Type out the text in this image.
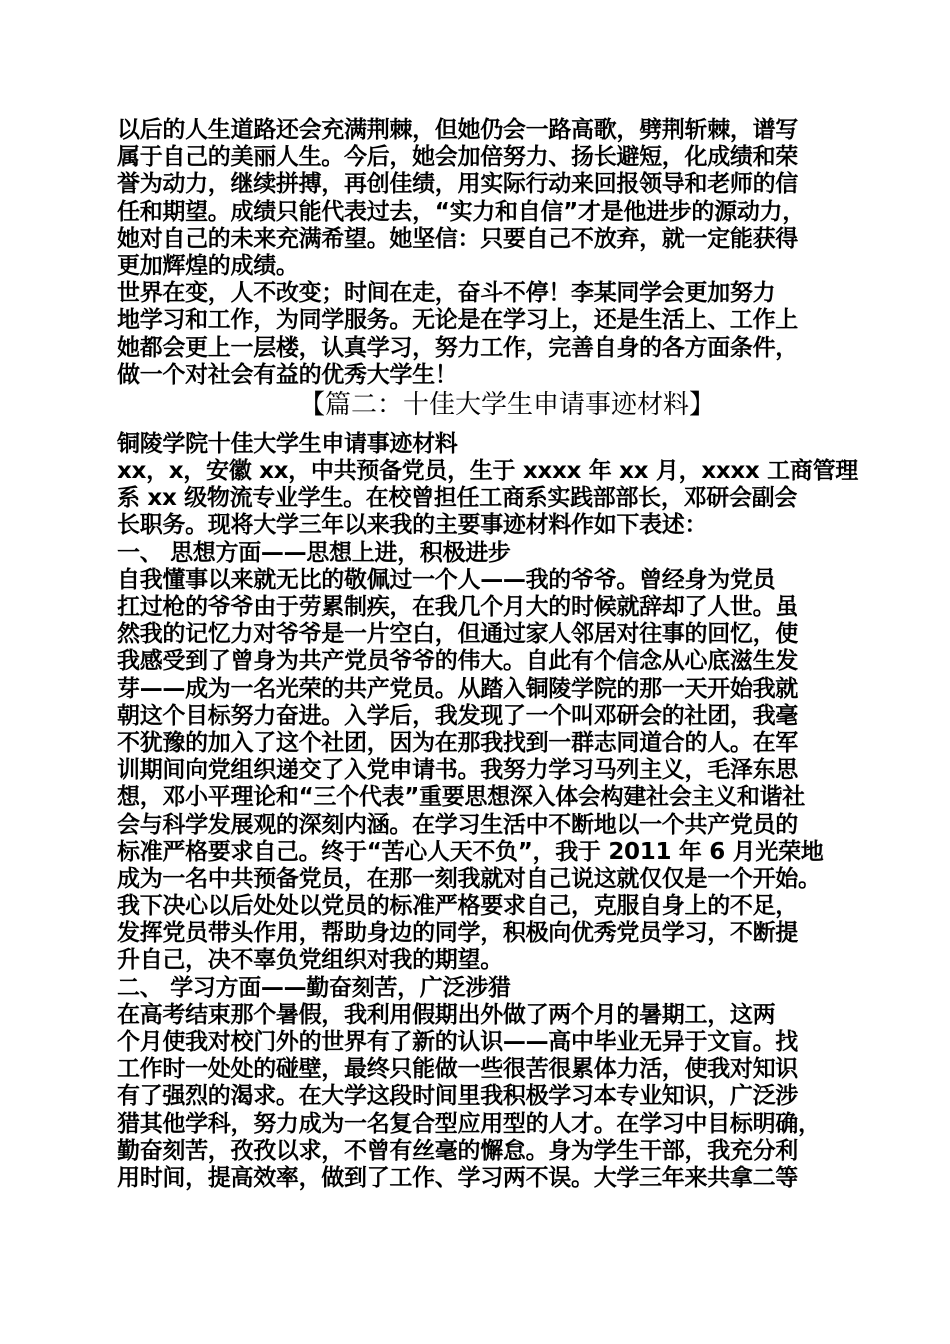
以后的人生道路还会充满荆棘，但她仍会一路高歌，劈荆斩棘，谱写
属于自己的美丽人生。今后，她会加倍努力、扬长避短，化成绩和荣
誉为动力，继续拼搏，再创佳绩，用实际行动来回报领导和老师的信
任和期望。成绩只能代表过去，“实力和自信”才是他进步的源动力，
她对自己的未来充满希望。她坚信：只要自己不放弃，就一定能获得
更加辉煌的成绩。
世界在变，人不改变；时间在走，奋斗不停！李某同学会更加努力
地学习和工作，为同学服务。无论是在学习上，还是生活上、工作上
她都会更上一层楼，认真学习，努力工作，完善自身的各方面条件，
做一个对社会有益的优秀大学生！
【篇二：十佳大学生申请事迹材料】
铜陵学院十佳大学生申请事迹材料
xx，x，安徽 xx，中共预备党员，生于 xxxx 年 xx 月，xxxx 工商管理
系 xx 级物流专业学生。在校曾担任工商系实践部部长，邓研会副会
长职务。现将大学三年以来我的主要事迹材料作如下表述：
一、 思想方面——思想上进，积极进步
自我懂事以来就无比的敬佩过一个人——我的爷爷。曾经身为党员
扛过枪的爷爷由于劳累制疾，在我几个月大的时候就辞却了人世。虽
然我的记忆力对爷爷是一片空白，但通过家人邻居对往事的回忆，使
我感受到了曾身为共产党员爷爷的伟大。自此有个信念从心底滋生发
芽——成为一名光荣的共产党员。从踏入铜陵学院的那一天开始我就
朝这个目标努力奋进。入学后，我发现了一个叫邓研会的社团，我毫
不犹豫的加入了这个社团，因为在那我找到一群志同道合的人。在军
训期间向党组织递交了入党申请书。我努力学习马列主义，毛泽东思
想，邓小平理论和“三个代表”重要思想深入体会构建社会主义和谐社
会与科学发展观的深刻内涵。在学习生活中不断地以一个共产党员的
标准严格要求自己。终于“苦心人天不负”，我于 2011 年 6 月光荣地
成为一名中共预备党员，在那一刻我就对自己说这就仅仅是一个开始。
我下决心以后处处以党员的标准严格要求自己，克服自身上的不足，
发挥党员带头作用，帮助身边的同学，积极向优秀党员学习，不断提
升自己，决不辜负党组织对我的期望。
二、 学习方面——勤奋刻苦，广泛涉猎
在高考结束那个暑假，我利用假期出外做了两个月的暑期工，这两
个月使我对校门外的世界有了新的认识——高中毕业无异于文盲。找
工作时一处处的碰壁，最终只能做一些很苦很累体力活，使我对知识
有了强烈的渴求。在大学这段时间里我积极学习本专业知识，广泛涉
猎其他学科，努力成为一名复合型应用型的人才。在学习中目标明确，
勤奋刻苦，孜孜以求，不曾有丝毫的懈怠。身为学生干部，我充分利
用时间，提高效率，做到了工作、学习两不误。大学三年来共拿二等
